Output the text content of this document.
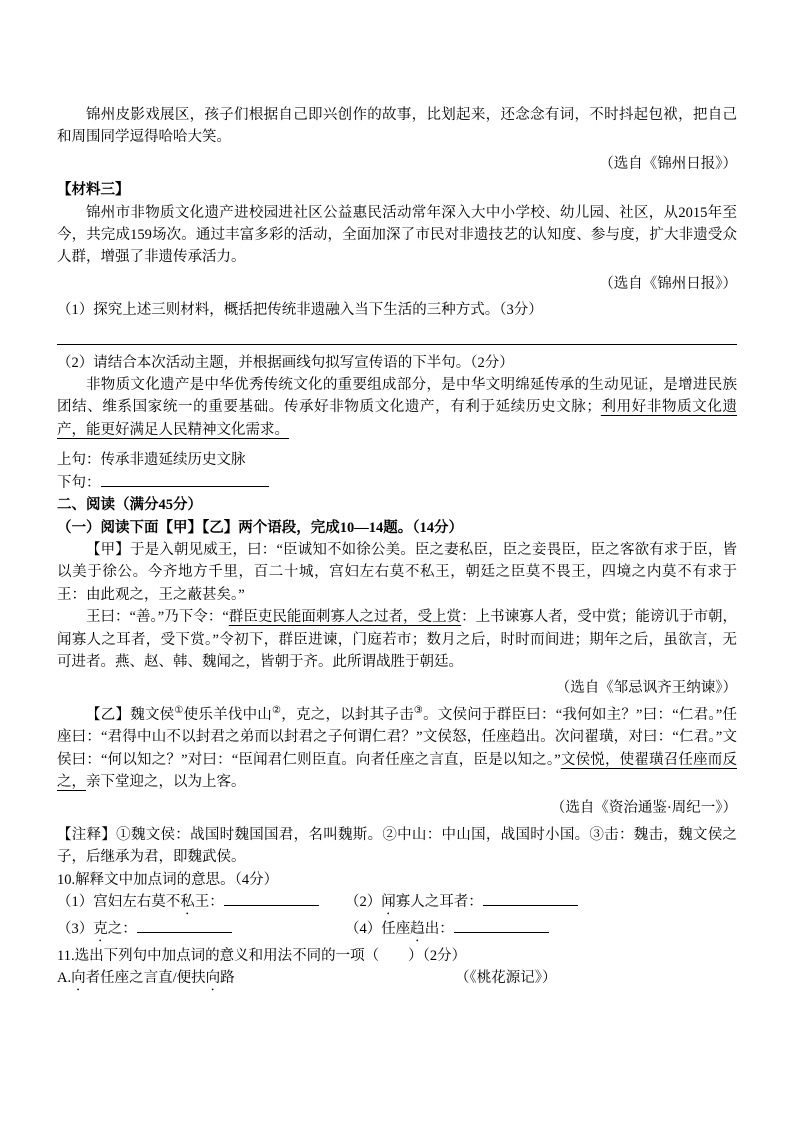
锦州皮影戏展区，孩子们根据自己即兴创作的故事，比划起来，还念念有词，不时抖起包袱，把自己和周围同学逗得哈哈大笑。

（选自《锦州日报》）

【材料三】

锦州市非物质文化遗产进校园进社区公益惠民活动常年深入大中小学校、幼儿园、社区，从2015年至今，共完成159场次。通过丰富多彩的活动，全面加深了市民对非遗技艺的认知度、参与度，扩大非遗受众人群，增强了非遗传承活力。

（选自《锦州日报》）

（1）探究上述三则材料，概括把传统非遗融入当下生活的三种方式。（3分）

（2）请结合本次活动主题，并根据画线句拟写宣传语的下半句。（2分）

非物质文化遗产是中华优秀传统文化的重要组成部分，是中华文明绵延传承的生动见证，是增进民族团结、维系国家统一的重要基础。传承好非物质文化遗产，有利于延续历史文脉；利用好非物质文化遗产，能更好满足人民精神文化需求。

上句：传承非遗延续历史文脉

下句：

二、阅读（满分45分）

（一）阅读下面【甲】【乙】两个语段，完成10—14题。（14分）

【甲】于是入朝见威王，曰：“臣诚知不如徐公美。臣之妻私臣，臣之妾畏臣，臣之客欲有求于臣，皆以美于徐公。今齐地方千里，百二十城，宫妇左右莫不私王，朝廷之臣莫不畏王，四境之内莫不有求于王：由此观之，王之蔽甚矣。”

王曰：“善。”乃下令：“群臣吏民能面刺寡人之过者，受上赏：上书谏寡人者，受中赏；能谤讥于市朝，闻寡人之耳者，受下赏。”令初下，群臣进谏，门庭若市；数月之后，时时而间进；期年之后，虽欲言，无可进者。燕、赵、韩、魏闻之，皆朝于齐。此所谓战胜于朝廷。

（选自《邹忌讽齐王纳谏》）

【乙】魏文侯①使乐羊伐中山②，克之，以封其子击③。文侯问于群臣曰：“我何如主？”曰：“仁君。”任座曰：“君得中山不以封君之弟而以封君之子何谓仁君？”文侯怒，任座趋出。次问翟璜，对曰：“仁君。”文侯曰：“何以知之？”对曰：“臣闻君仁则臣直。向者任座之言直，臣是以知之。”文侯悦，使翟璜召任座而反之，亲下堂迎之，以为上客。

（选自《资治通鉴·周纪一》）

【注释】①魏文侯：战国时魏国国君，名叫魏斯。②中山：中山国，战国时小国。③击：魏击，魏文侯之子，后继承为君，即魏武侯。

10.解释文中加点词的意思。（4分）

（1）宫妇左右莫不私王：	（2）闻寡人之耳者：

（3）克之：	（4）任座趋出：

11.选出下列句中加点词的意义和用法不同的一项（　　）（2分）

A.向者任座之言直/便扶向路	（《桃花源记》）
